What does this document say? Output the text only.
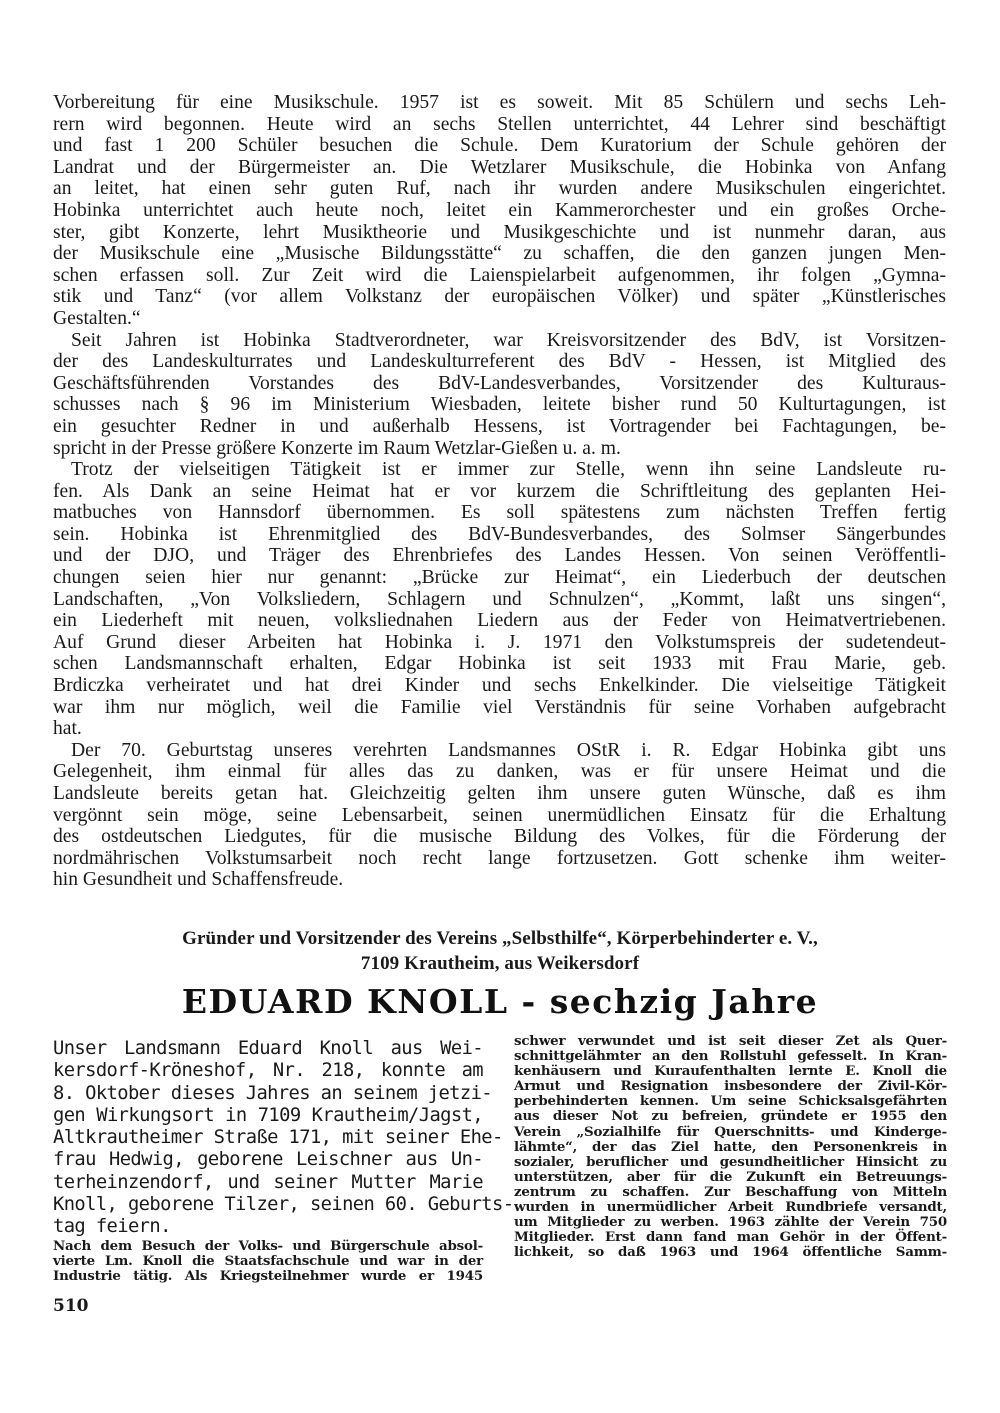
Vorbereitung für eine Musikschule. 1957 ist es soweit. Mit 85 Schülern und sechs Leh-
rern wird begonnen. Heute wird an sechs Stellen unterrichtet, 44 Lehrer sind beschäftigt
und fast 1 200 Schüler besuchen die Schule. Dem Kuratorium der Schule gehören der
Landrat und der Bürgermeister an. Die Wetzlarer Musikschule, die Hobinka von Anfang
an leitet, hat einen sehr guten Ruf, nach ihr wurden andere Musikschulen eingerichtet.
Hobinka unterrichtet auch heute noch, leitet ein Kammerorchester und ein großes Orche-
ster, gibt Konzerte, lehrt Musiktheorie und Musikgeschichte und ist nunmehr daran, aus
der Musikschule eine „Musische Bildungsstätte“ zu schaffen, die den ganzen jungen Men-
schen erfassen soll. Zur Zeit wird die Laienspielarbeit aufgenommen, ihr folgen „Gymna-
stik und Tanz“ (vor allem Volkstanz der europäischen Völker) und später „Künstlerisches
Gestalten.“
Seit Jahren ist Hobinka Stadtverordneter, war Kreisvorsitzender des BdV, ist Vorsitzen-
der des Landeskulturrates und Landeskulturreferent des BdV - Hessen, ist Mitglied des
Geschäftsführenden Vorstandes des BdV-Landesverbandes, Vorsitzender des Kulturaus-
schusses nach § 96 im Ministerium Wiesbaden, leitete bisher rund 50 Kulturtagungen, ist
ein gesuchter Redner in und außerhalb Hessens, ist Vortragender bei Fachtagungen, be-
spricht in der Presse größere Konzerte im Raum Wetzlar-Gießen u. a. m.
Trotz der vielseitigen Tätigkeit ist er immer zur Stelle, wenn ihn seine Landsleute ru-
fen. Als Dank an seine Heimat hat er vor kurzem die Schriftleitung des geplanten Hei-
matbuches von Hannsdorf übernommen. Es soll spätestens zum nächsten Treffen fertig
sein. Hobinka ist Ehrenmitglied des BdV-Bundesverbandes, des Solmser Sängerbundes
und der DJO, und Träger des Ehrenbriefes des Landes Hessen. Von seinen Veröffentli-
chungen seien hier nur genannt: „Brücke zur Heimat“, ein Liederbuch der deutschen
Landschaften, „Von Volksliedern, Schlagern und Schnulzen“, „Kommt, laßt uns singen“,
ein Liederheft mit neuen, volksliednahen Liedern aus der Feder von Heimatvertriebenen.
Auf Grund dieser Arbeiten hat Hobinka i. J. 1971 den Volkstumspreis der sudetendeut-
schen Landsmannschaft erhalten, Edgar Hobinka ist seit 1933 mit Frau Marie, geb.
Brdiczka verheiratet und hat drei Kinder und sechs Enkelkinder. Die vielseitige Tätigkeit
war ihm nur möglich, weil die Familie viel Verständnis für seine Vorhaben aufgebracht
hat.
Der 70. Geburtstag unseres verehrten Landsmannes OStR i. R. Edgar Hobinka gibt uns
Gelegenheit, ihm einmal für alles das zu danken, was er für unsere Heimat und die
Landsleute bereits getan hat. Gleichzeitig gelten ihm unsere guten Wünsche, daß es ihm
vergönnt sein möge, seine Lebensarbeit, seinen unermüdlichen Einsatz für die Erhaltung
des ostdeutschen Liedgutes, für die musische Bildung des Volkes, für die Förderung der
nordmährischen Volkstumsarbeit noch recht lange fortzusetzen. Gott schenke ihm weiter-
hin Gesundheit und Schaffensfreude.

Gründer und Vorsitzender des Vereins „Selbsthilfe“, Körperbehinderter e. V.,

7109 Krautheim, aus Weikersdorf

EDUARD KNOLL - sechzig Jahre
Unser Landsmann Eduard Knoll aus Wei-
kersdorf-Kröneshof, Nr. 218, konnte am
8. Oktober dieses Jahres an seinem jetzi-
gen Wirkungsort in 7109 Krautheim/Jagst,
Altkrautheimer Straße 171, mit seiner Ehe-
frau Hedwig, geborene Leischner aus Un-
terheinzendorf, und seiner Mutter Marie
Knoll, geborene Tilzer, seinen 60. Geburts-
tag feiern.
Nach dem Besuch der Volks- und Bürgerschule absol-
vierte Lm. Knoll die Staatsfachschule und war in der
Industrie tätig. Als Kriegsteilnehmer wurde er 1945
schwer verwundet und ist seit dieser Zet als Quer-
schnittgelähmter an den Rollstuhl gefesselt. In Kran-
kenhäusern und Kuraufenthalten lernte E. Knoll die
Armut und Resignation insbesondere der Zivil-Kör-
perbehinderten kennen. Um seine Schicksalsgefährten
aus dieser Not zu befreien, gründete er 1955 den
Verein „Sozialhilfe für Querschnitts- und Kinderge-
lähmte“, der das Ziel hatte, den Personenkreis in
sozialer, beruflicher und gesundheitlicher Hinsicht zu
unterstützen, aber für die Zukunft ein Betreuungs-
zentrum zu schaffen. Zur Beschaffung von Mitteln
wurden in unermüdlicher Arbeit Rundbriefe versandt,
um Mitglieder zu werben. 1963 zählte der Verein 750
Mitglieder. Erst dann fand man Gehör in der Öffent-
lichkeit, so daß 1963 und 1964 öffentliche Samm-
510
